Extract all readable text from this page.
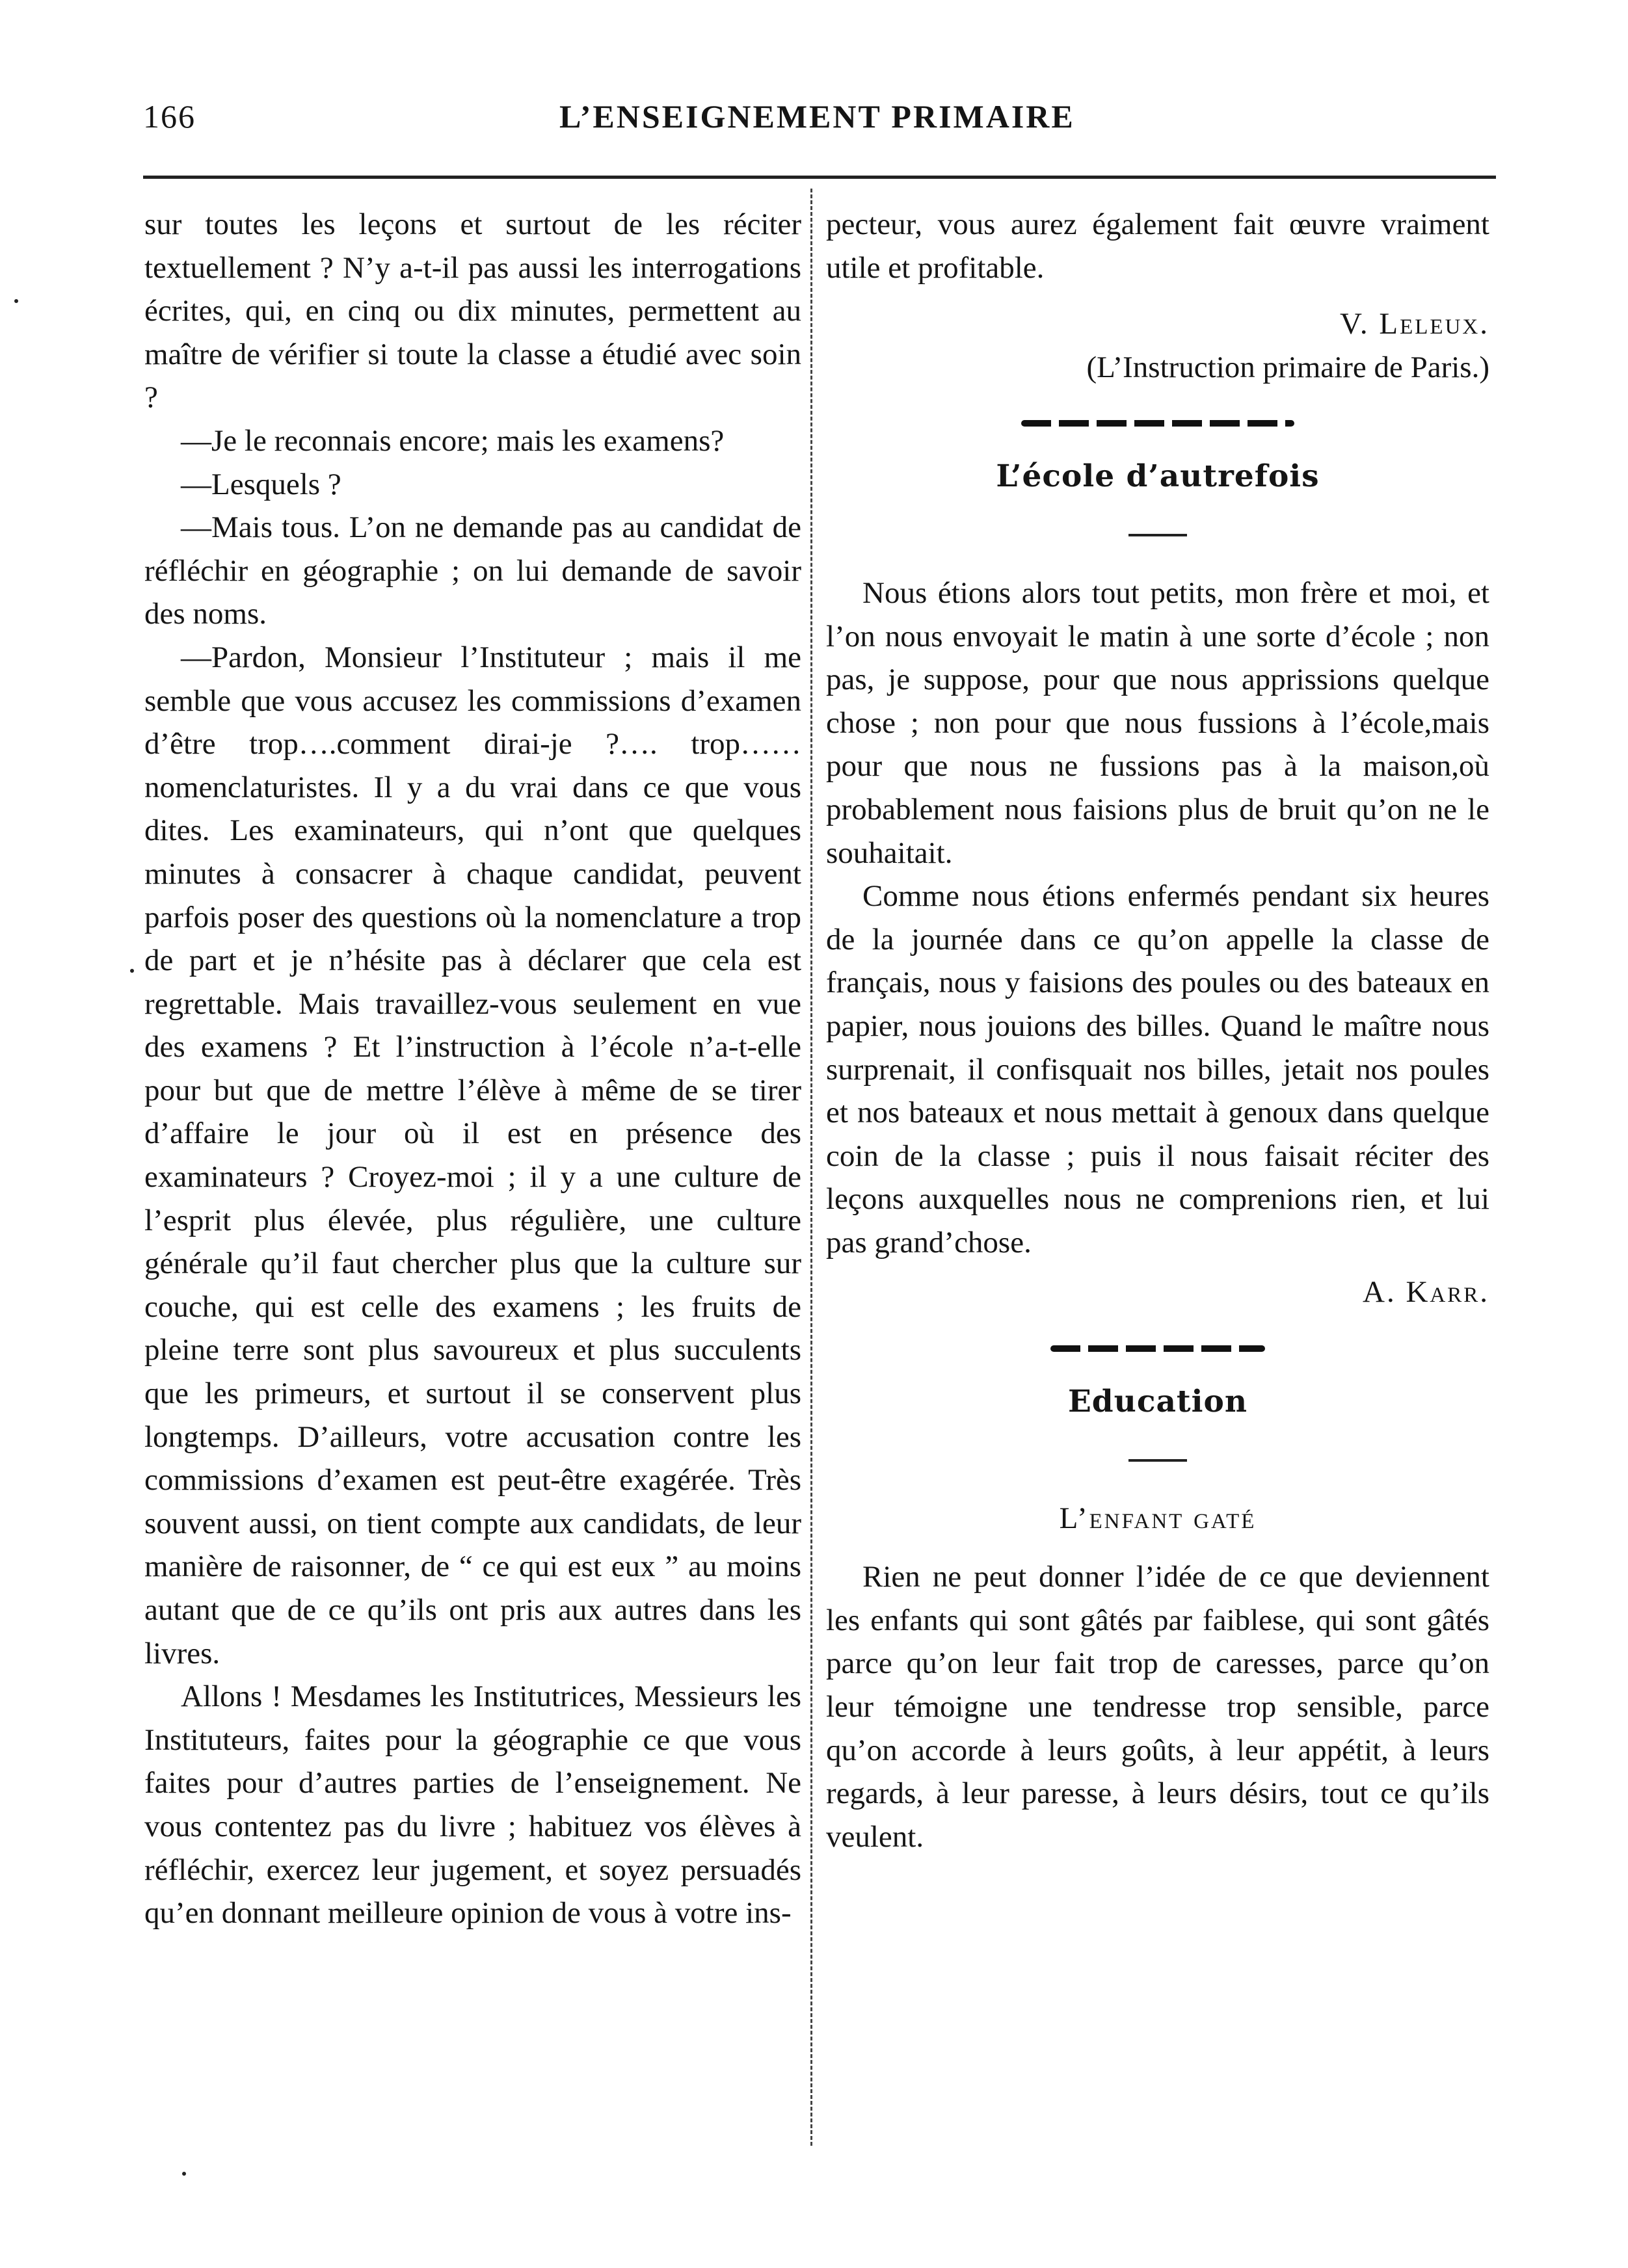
166	L’ENSEIGNEMENT PRIMAIRE

sur toutes les leçons et surtout de les réciter textuellement ? N’y a-t-il pas aussi les interrogations écrites, qui, en cinq ou dix minutes, permettent au maître de vérifier si toute la classe a étudié avec soin ?

—Je le reconnais encore; mais les examens?

—Lesquels ?

—Mais tous. L’on ne demande pas au candidat de réfléchir en géographie ; on lui demande de savoir des noms.

—Pardon, Monsieur l’Instituteur ; mais il me semble que vous accusez les commissions d’examen d’être trop….comment dirai-je ?…. trop……nomenclaturistes. Il y a du vrai dans ce que vous dites. Les examinateurs, qui n’ont que quelques minutes à consacrer à chaque candidat, peuvent parfois poser des questions où la nomenclature a trop de part et je n’hésite pas à déclarer que cela est regrettable. Mais travaillez-vous seulement en vue des examens ? Et l’instruction à l’école n’a-t-elle pour but que de mettre l’élève à même de se tirer d’affaire le jour où il est en présence des examinateurs ? Croyez-moi ; il y a une culture de l’esprit plus élevée, plus régulière, une culture générale qu’il faut chercher plus que la culture sur couche, qui est celle des examens ; les fruits de pleine terre sont plus savoureux et plus succulents que les primeurs, et surtout il se conservent plus longtemps. D’ailleurs, votre accusation contre les commissions d’examen est peut-être exagérée. Très souvent aussi, on tient compte aux candidats, de leur manière de raisonner, de “ ce qui est eux ” au moins autant que de ce qu’ils ont pris aux autres dans les livres.

Allons ! Mesdames les Institutrices, Messieurs les Instituteurs, faites pour la géographie ce que vous faites pour d’autres parties de l’enseignement. Ne vous contentez pas du livre ; habituez vos élèves à réfléchir, exercez leur jugement, et soyez persuadés qu’en donnant meilleure opinion de vous à votre ins-

pecteur, vous aurez également fait œuvre vraiment utile et profitable.

V. Leleux.

(L’Instruction primaire de Paris.)

L’école d’autrefois

Nous étions alors tout petits, mon frère et moi, et l’on nous envoyait le matin à une sorte d’école ; non pas, je suppose, pour que nous apprissions quelque chose ; non pour que nous fussions à l’école,mais pour que nous ne fussions pas à la maison,où probablement nous faisions plus de bruit qu’on ne le souhaitait.

Comme nous étions enfermés pendant six heures de la journée dans ce qu’on appelle la classe de français, nous y faisions des poules ou des bateaux en papier, nous jouions des billes. Quand le maître nous surprenait, il confisquait nos billes, jetait nos poules et nos bateaux et nous mettait à genoux dans quelque coin de la classe ; puis il nous faisait réciter des leçons auxquelles nous ne comprenions rien, et lui pas grand’chose.

A. Karr.

Education
L’enfant gaté

Rien ne peut donner l’idée de ce que deviennent les enfants qui sont gâtés par faiblese, qui sont gâtés parce qu’on leur fait trop de caresses, parce qu’on leur témoigne une tendresse trop sensible, parce qu’on accorde à leurs goûts, à leur appétit, à leurs regards, à leur paresse, à leurs désirs, tout ce qu’ils veulent.
